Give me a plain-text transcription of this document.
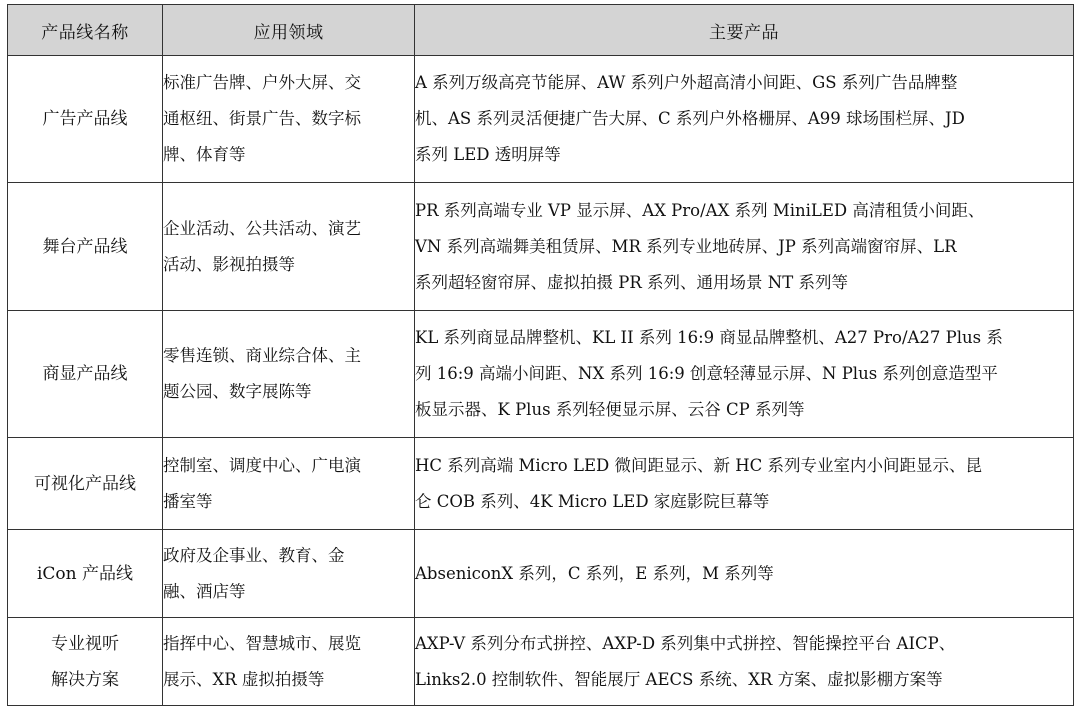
产品线名称	应用领域	主要产品

广告产品线	标准广告牌、户外大屏、交
通枢纽、街景广告、数字标
牌、体育等	A 系列万级高亮节能屏、AW 系列户外超高清小间距、GS 系列广告品牌整
机、AS 系列灵活便捷广告大屏、C 系列户外格栅屏、A99 球场围栏屏、JD
系列 LED 透明屏等

舞台产品线	企业活动、公共活动、演艺
活动、影视拍摄等	PR 系列高端专业 VP 显示屏、AX Pro/AX 系列 MiniLED 高清租赁小间距、
VN 系列高端舞美租赁屏、MR 系列专业地砖屏、JP 系列高端窗帘屏、LR
系列超轻窗帘屏、虚拟拍摄 PR 系列、通用场景 NT 系列等

商显产品线	零售连锁、商业综合体、主
题公园、数字展陈等	KL 系列商显品牌整机、KL II 系列 16:9 商显品牌整机、A27 Pro/A27 Plus 系
列 16:9 高端小间距、NX 系列 16:9 创意轻薄显示屏、N Plus 系列创意造型平
板显示器、K Plus 系列轻便显示屏、云谷 CP 系列等

可视化产品线	控制室、调度中心、广电演
播室等	HC 系列高端 Micro LED 微间距显示、新 HC 系列专业室内小间距显示、昆
仑 COB 系列、4K Micro LED 家庭影院巨幕等

iCon 产品线	政府及企事业、教育、金
融、酒店等	AbseniconX 系列，C 系列，E 系列，M 系列等

专业视听
解决方案	指挥中心、智慧城市、展览
展示、XR 虚拟拍摄等	AXP-V 系列分布式拼控、AXP-D 系列集中式拼控、智能操控平台 AICP、
Links2.0 控制软件、智能展厅 AECS 系统、XR 方案、虚拟影棚方案等
